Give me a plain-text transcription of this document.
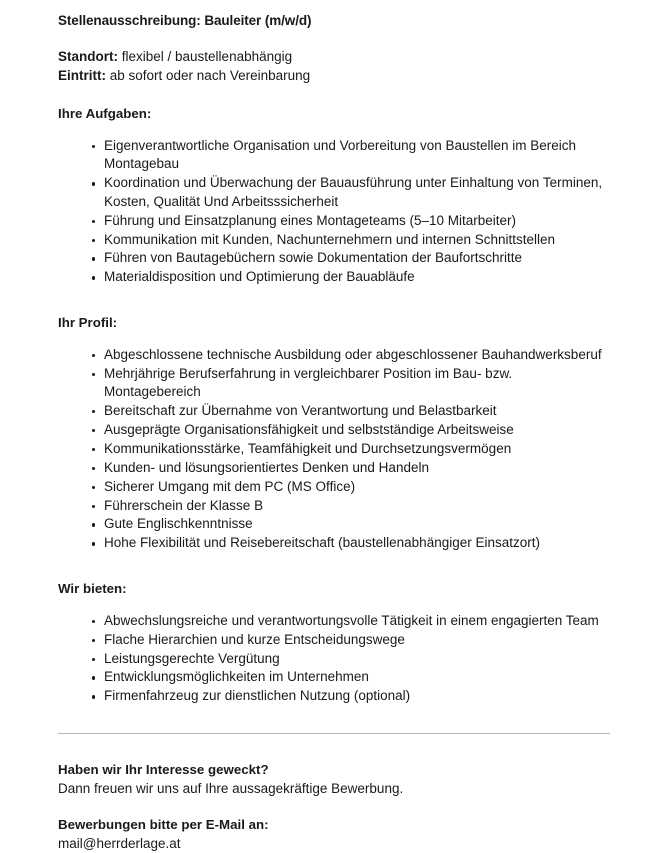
Stellenausschreibung: Bauleiter (m/w/d)

Standort: flexibel / baustellenabhängig

Eintritt: ab sofort oder nach Vereinbarung

Ihre Aufgaben:
Eigenverantwortliche Organisation und Vorbereitung von Baustellen im Bereich Montagebau
Koordination und Überwachung der Bauausführung unter Einhaltung von Terminen, Kosten, Qualität Und Arbeitsssicherheit
Führung und Einsatzplanung eines Montageteams (5–10 Mitarbeiter)
Kommunikation mit Kunden, Nachunternehmern und internen Schnittstellen
Führen von Bautagebüchern sowie Dokumentation der Baufortschritte
Materialdisposition und Optimierung der Bauabläufe
Ihr Profil:
Abgeschlossene technische Ausbildung oder abgeschlossener Bauhandwerksberuf
Mehrjährige Berufserfahrung in vergleichbarer Position im Bau- bzw. Montagebereich
Bereitschaft zur Übernahme von Verantwortung und Belastbarkeit
Ausgeprägte Organisationsfähigkeit und selbstständige Arbeitsweise
Kommunikationsstärke, Teamfähigkeit und Durchsetzungsvermögen
Kunden- und lösungsorientiertes Denken und Handeln
Sicherer Umgang mit dem PC (MS Office)
Führerschein der Klasse B
Gute Englischkenntnisse
Hohe Flexibilität und Reisebereitschaft (baustellenabhängiger Einsatzort)
Wir bieten:
Abwechslungsreiche und verantwortungsvolle Tätigkeit in einem engagierten Team
Flache Hierarchien und kurze Entscheidungswege
Leistungsgerechte Vergütung
Entwicklungsmöglichkeiten im Unternehmen
Firmenfahrzeug zur dienstlichen Nutzung (optional)

Haben wir Ihr Interesse geweckt?

Dann freuen wir uns auf Ihre aussagekräftige Bewerbung.

Bewerbungen bitte per E-Mail an:

mail@herrderlage.at
